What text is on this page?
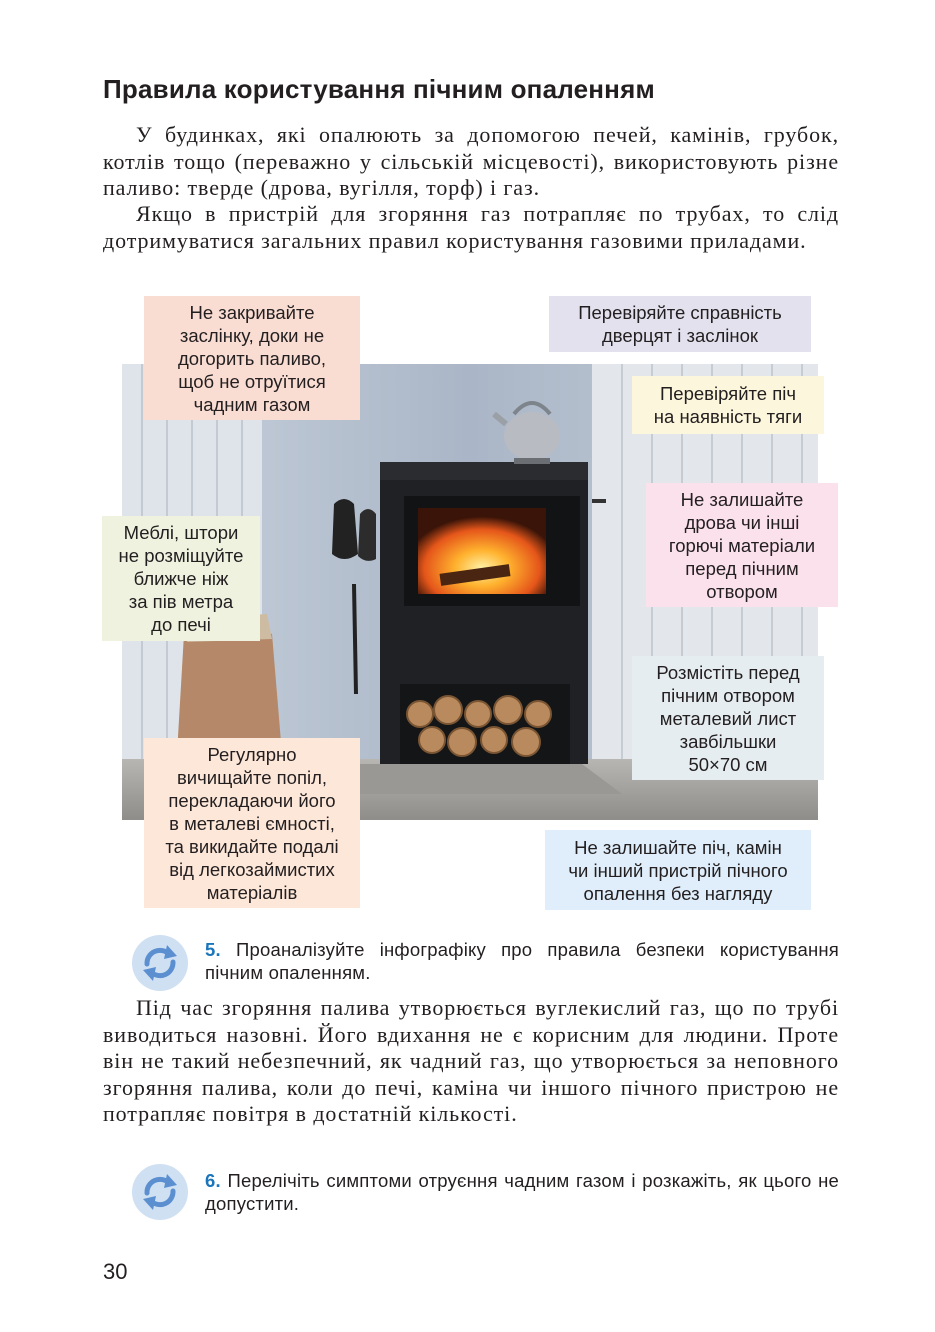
Правила користування пічним опаленням

У будинках, які опалюють за допомогою печей, камінів, грубок, котлів тощо (переважно у сільській місцевості), використовують різне паливо: тверде (дрова, вугілля, торф) і газ.

Якщо в пристрій для згоряння газ потрапляє по трубах, то слід дотримуватися загальних правил користування газовими приладами.

Не закривайте
заслінку, доки не
догорить паливо,
щоб не отруїтися
чадним газом
Перевіряйте справність
дверцят і заслінок
Перевіряйте піч
на наявність тяги
Не залишайте
дрова чи інші
горючі матеріали
перед пічним
отвором
Меблі, штори
не розміщуйте
ближче ніж
за пів метра
до печі
Розмістіть перед
пічним отвором
металевий лист
завбільшки
50×70 см
Регулярно
вичищайте попіл,
перекладаючи його
в металеві ємності,
та викидайте подалі
від легкозаймистих
матеріалів
Не залишайте піч, камін
чи інший пристрій пічного
опалення без нагляду

5. Проаналізуйте інфографіку про правила безпеки користування пічним опаленням.

Під час згоряння палива утворюється вуглекислий газ, що по трубі виводиться назовні. Його вдихання не є корисним для людини. Проте він не такий небезпечний, як чадний газ, що утворюється за неповного згоряння палива, коли до печі, каміна чи іншого пічного пристрою не потрапляє повітря в достатній кількості.

6. Перелічіть симптоми отруєння чадним газом і розкажіть, як цього не допустити.

30
